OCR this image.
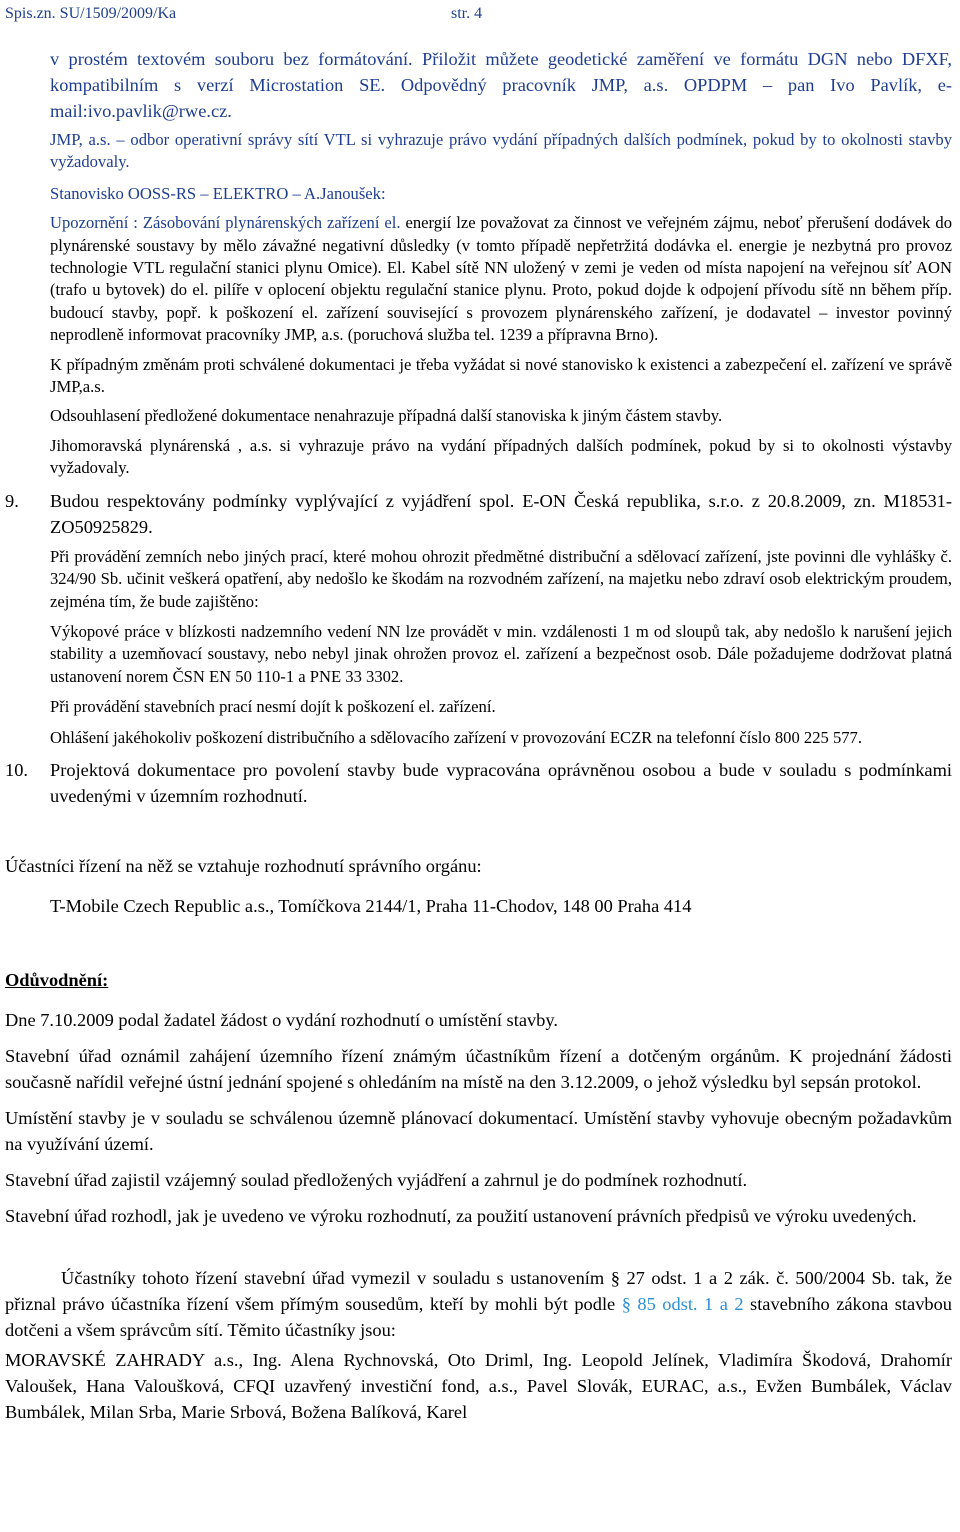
Spis.zn. SU/1509/2009/Ka	str. 4

v prostém textovém souboru bez formátování. Přiložit můžete geodetické zaměření ve formátu DGN nebo DFXF, kompatibilním s verzí Microstation SE. Odpovědný pracovník JMP, a.s. OPDPM – pan Ivo Pavlík, e-mail:ivo.pavlik@rwe.cz.

JMP, a.s. – odbor operativní správy sítí VTL si vyhrazuje právo vydání případných dalších podmínek, pokud by to okolnosti stavby vyžadovaly.

Stanovisko OOSS-RS – ELEKTRO – A.Janoušek:

Upozornění : Zásobování plynárenských zařízení el. energií lze považovat za činnost ve veřejném zájmu, neboť přerušení dodávek do plynárenské soustavy by mělo závažné negativní důsledky (v tomto případě nepřetržitá dodávka el. energie je nezbytná pro provoz technologie VTL regulační stanici plynu Omice). El. Kabel sítě NN uložený v zemi je veden od místa napojení na veřejnou síť AON (trafo u bytovek) do el. pilíře v oplocení objektu regulační stanice plynu. Proto, pokud dojde k odpojení přívodu sítě nn během příp. budoucí stavby, popř. k poškození el. zařízení související s provozem plynárenského zařízení, je dodavatel – investor povinný neprodleně informovat pracovníky JMP, a.s. (poruchová služba tel. 1239 a přípravna Brno).

K případným změnám proti schválené dokumentaci je třeba vyžádat si nové stanovisko k existenci a zabezpečení el. zařízení ve správě JMP,a.s.

Odsouhlasení předložené dokumentace nenahrazuje případná další stanoviska k jiným částem stavby.

Jihomoravská plynárenská , a.s. si vyhrazuje právo na vydání případných dalších podmínek, pokud by si to okolnosti výstavby vyžadovaly.

9.	Budou respektovány podmínky vyplývající z vyjádření spol. E-ON Česká republika, s.r.o. z 20.8.2009, zn. M18531-ZO50925829.

Při provádění zemních nebo jiných prací, které mohou ohrozit předmětné distribuční a sdělovací zařízení, jste povinni dle vyhlášky č. 324/90 Sb. učinit veškerá opatření, aby nedošlo ke škodám na rozvodném zařízení, na majetku nebo zdraví osob elektrickým proudem, zejména tím, že bude zajištěno:

Výkopové práce v blízkosti nadzemního vedení NN lze provádět v min. vzdálenosti 1 m od sloupů tak, aby nedošlo k narušení jejich stability a uzemňovací soustavy, nebo nebyl jinak ohrožen provoz el. zařízení a bezpečnost osob. Dále požadujeme dodržovat platná ustanovení norem ČSN EN 50 110-1 a PNE 33 3302.

Při provádění stavebních prací nesmí dojít k poškození el. zařízení.

Ohlášení jakéhokoliv poškození distribučního a sdělovacího zařízení v provozování ECZR na telefonní číslo 800 225 577.

10.	Projektová dokumentace pro povolení stavby bude vypracována oprávněnou osobou a bude v souladu s podmínkami uvedenými v územním rozhodnutí.

Účastníci řízení na něž se vztahuje rozhodnutí správního orgánu:

T-Mobile Czech Republic a.s., Tomíčkova 2144/1, Praha 11-Chodov, 148 00 Praha 414

Odůvodnění:

Dne 7.10.2009 podal žadatel žádost o vydání rozhodnutí o umístění stavby.

Stavební úřad oznámil zahájení územního řízení známým účastníkům řízení a dotčeným orgánům. K projednání žádosti současně nařídil veřejné ústní jednání spojené s ohledáním na místě na den 3.12.2009, o jehož výsledku byl sepsán protokol.

Umístění stavby je v souladu se schválenou územně plánovací dokumentací. Umístění stavby vyhovuje obecným požadavkům na využívání území.

Stavební úřad zajistil vzájemný soulad předložených vyjádření a zahrnul je do podmínek rozhodnutí.

Stavební úřad rozhodl, jak je uvedeno ve výroku rozhodnutí, za použití ustanovení právních předpisů ve výroku uvedených.

Účastníky tohoto řízení stavební úřad vymezil v souladu s ustanovením § 27 odst. 1 a 2 zák. č. 500/2004 Sb. tak, že přiznal právo účastníka řízení všem přímým sousedům, kteří by mohli být podle § 85 odst. 1 a 2 stavebního zákona stavbou dotčeni a všem správcům sítí. Těmito účastníky jsou:

MORAVSKÉ ZAHRADY a.s., Ing. Alena Rychnovská, Oto Driml, Ing. Leopold Jelínek, Vladimíra Škodová, Drahomír Valoušek, Hana Valoušková, CFQI uzavřený investiční fond, a.s., Pavel Slovák, EURAC, a.s., Evžen Bumbálek, Václav Bumbálek, Milan Srba, Marie Srbová, Božena Balíková, Karel
